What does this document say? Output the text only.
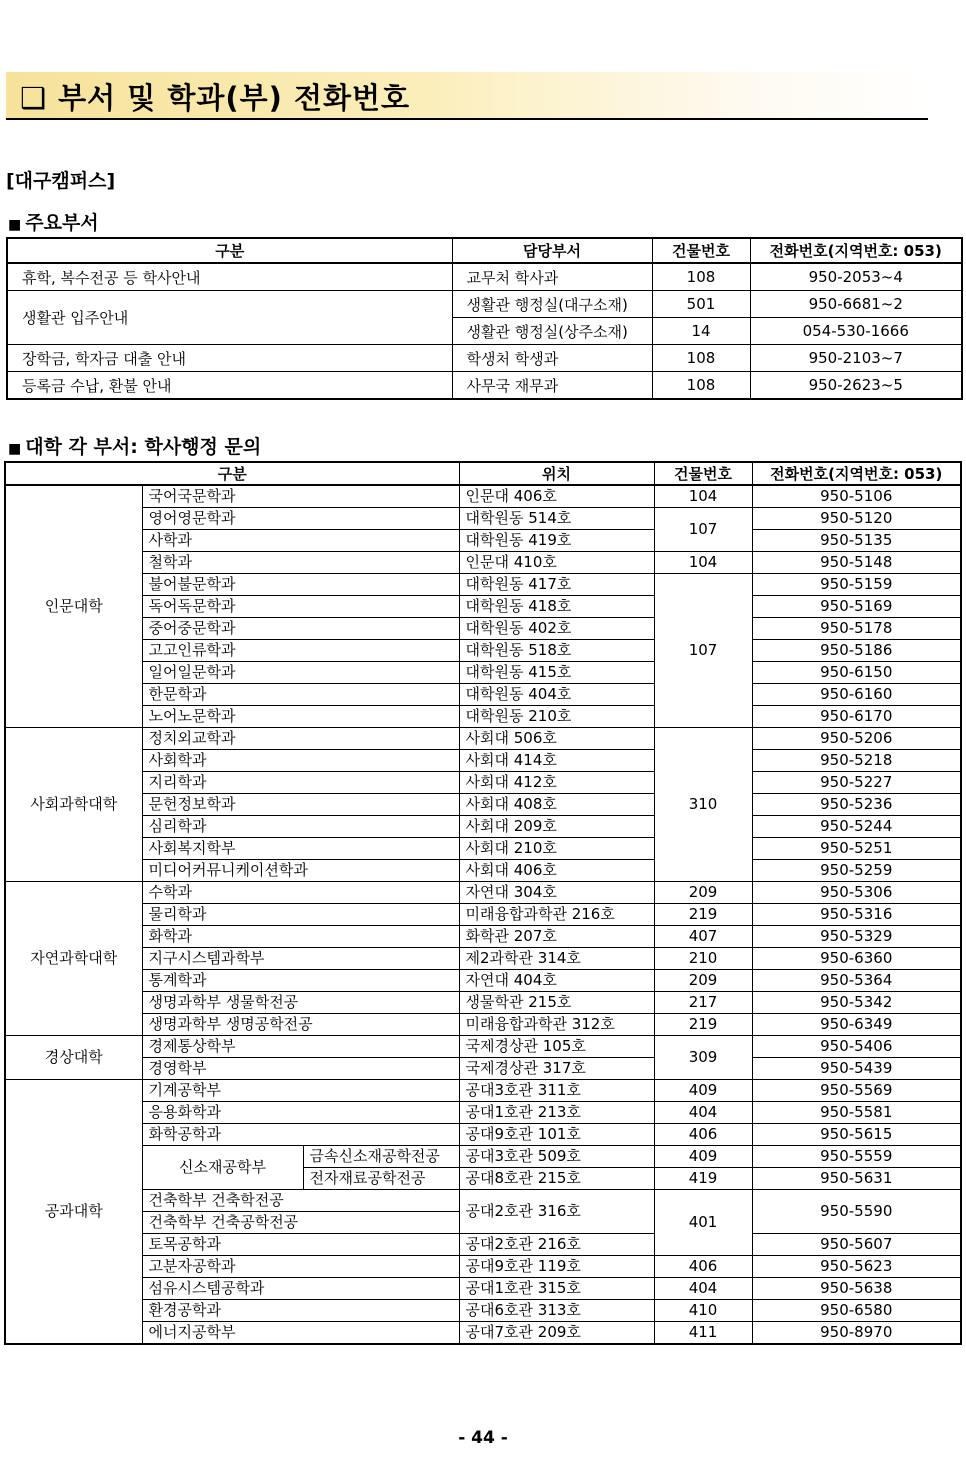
❑ 부서 및 학과(부) 전화번호
[대구캠퍼스]
■ 주요부서
구분	담당부서	건물번호	전화번호(지역번호: 053)
휴학, 복수전공 등 학사안내	교무처 학사과	108	950-2053~4
생활관 입주안내	생활관 행정실(대구소재)	501	950-6681~2
	생활관 행정실(상주소재)	14	054-530-1666
장학금, 학자금 대출 안내	학생처 학생과	108	950-2103~7
등록금 수납, 환불 안내	사무국 재무과	108	950-2623~5
■ 대학 각 부서: 학사행정 문의
구분			위치	건물번호	전화번호(지역번호: 053)
인문대학	국어국문학과		인문대 406호	104	950-5106
	영어영문학과		대학원동 514호	107	950-5120
	사학과		대학원동 419호		950-5135
	철학과		인문대 410호	104	950-5148
	불어불문학과		대학원동 417호	107	950-5159
	독어독문학과		대학원동 418호		950-5169
	중어중문학과		대학원동 402호		950-5178
	고고인류학과		대학원동 518호		950-5186
	일어일문학과		대학원동 415호		950-6150
	한문학과		대학원동 404호		950-6160
	노어노문학과		대학원동 210호		950-6170
사회과학대학	정치외교학과		사회대 506호	310	950-5206
	사회학과		사회대 414호		950-5218
	지리학과		사회대 412호		950-5227
	문헌정보학과		사회대 408호		950-5236
	심리학과		사회대 209호		950-5244
	사회복지학부		사회대 210호		950-5251
	미디어커뮤니케이션학과		사회대 406호		950-5259
자연과학대학	수학과		자연대 304호	209	950-5306
	물리학과		미래융합과학관 216호	219	950-5316
	화학과		화학관 207호	407	950-5329
	지구시스템과학부		제2과학관 314호	210	950-6360
	통계학과		자연대 404호	209	950-5364
	생명과학부 생물학전공		생물학관 215호	217	950-5342
	생명과학부 생명공학전공		미래융합과학관 312호	219	950-6349
경상대학	경제통상학부		국제경상관 105호	309	950-5406
	경영학부		국제경상관 317호		950-5439
공과대학	기계공학부		공대3호관 311호	409	950-5569
	응용화학과		공대1호관 213호	404	950-5581
	화학공학과		공대9호관 101호	406	950-5615
	신소재공학부	금속신소재공학전공	공대3호관 509호	409	950-5559
		전자재료공학전공	공대8호관 215호	419	950-5631
	건축학부 건축학전공		공대2호관 316호	401	950-5590
	건축학부 건축공학전공				
	토목공학과		공대2호관 216호		950-5607
	고분자공학과		공대9호관 119호	406	950-5623
	섬유시스템공학과		공대1호관 315호	404	950-5638
	환경공학과		공대6호관 313호	410	950-6580
	에너지공학부		공대7호관 209호	411	950-8970
- 44 -
